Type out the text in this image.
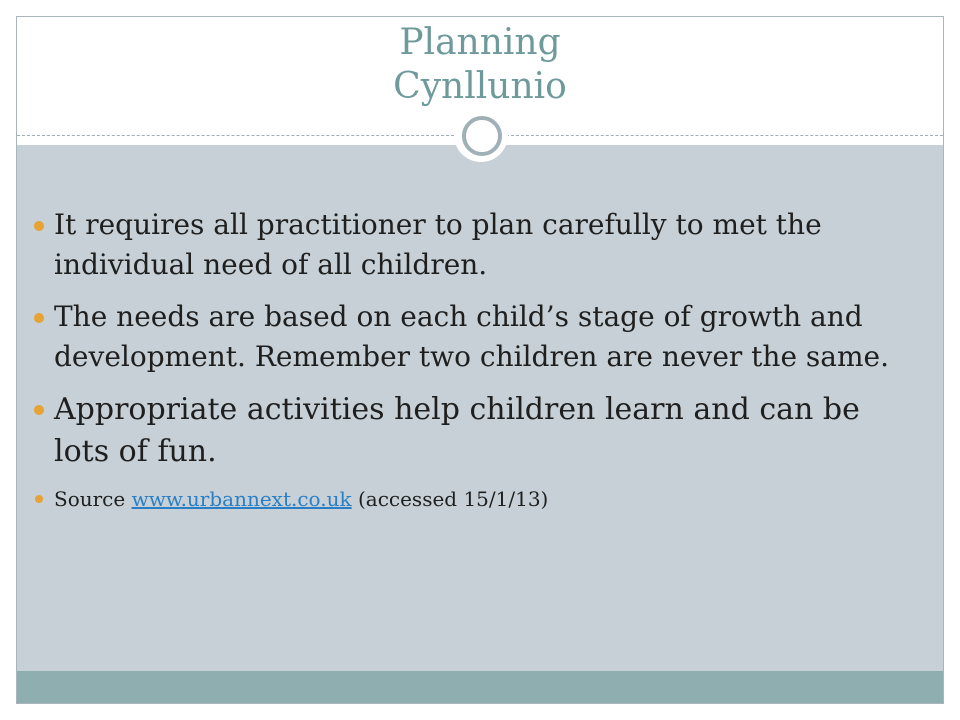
Planning
Cynllunio
It requires all practitioner to plan carefully to met the individual need of all children.
The needs are based on each child’s stage of growth and development. Remember two children are never the same.
Appropriate activities help children learn and can be lots of fun.
Source www.urbannext.co.uk (accessed 15/1/13)
